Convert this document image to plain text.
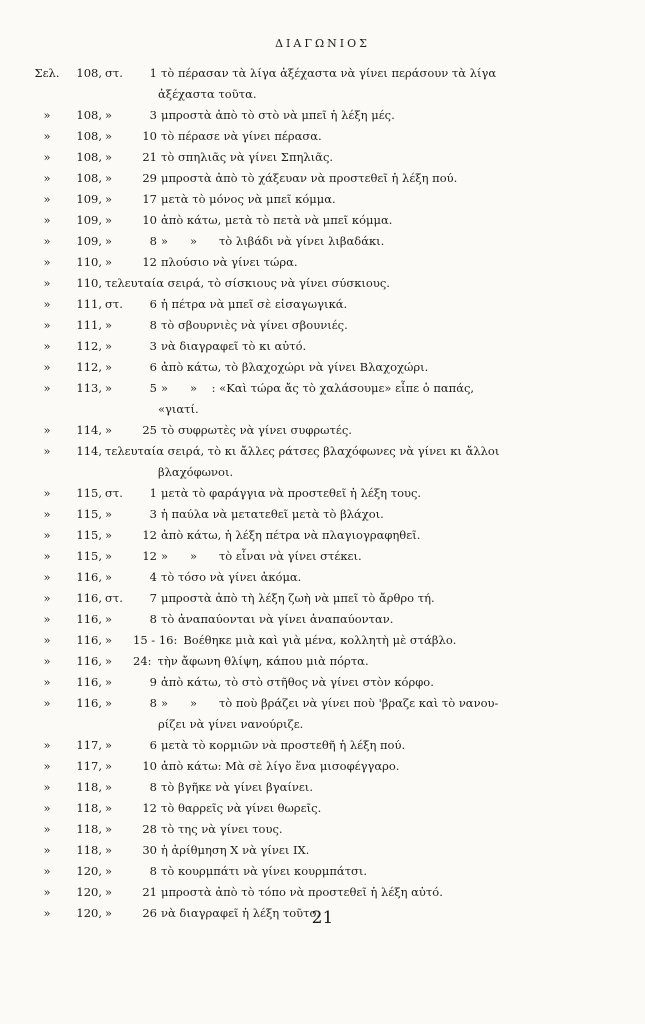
ΔΙΑΓΩΝΙΟΣ
Σελ.	108, στ.	1 τὸ πέρασαν τὰ λίγα ἀξέχαστα νὰ γίνει περάσουν τὰ λίγα
ἀξέχαστα τοῦτα.
»	108, »	3 μπροστὰ ἀπὸ τὸ στὸ νὰ μπεῖ ἡ λέξη μές.
»	108, »	10 τὸ πέρασε νὰ γίνει πέρασα.
»	108, »	21 τὸ σπηλιᾶς νὰ γίνει Σπηλιᾶς.
»	108, »	29 μπροστὰ ἀπὸ τὸ χάξευαν νὰ προστεθεῖ ἡ λέξη πού.
»	109, »	17 μετὰ τὸ μόνος νὰ μπεῖ κόμμα.
»	109, »	10 ἀπὸ κάτω, μετὰ τὸ πετὰ νὰ μπεῖ κόμμα.
»	109, »	8 »      »      τὸ λιβάδι νὰ γίνει λιβαδάκι.
»	110, »	12 πλούσιο νὰ γίνει τώρα.
»	110, τελευταία σειρά, τὸ σίσκιους νὰ γίνει σύσκιους.
»	111, στ.	6 ἡ πέτρα νὰ μπεῖ σὲ εἰσαγωγικά.
»	111, »	8 τὸ σβουρνιὲς νὰ γίνει σβουνιές.
»	112, »	3 νὰ διαγραφεῖ τὸ κι αὐτό.
»	112, »	6 ἀπὸ κάτω, τὸ βλαχοχώρι νὰ γίνει Βλαχοχώρι.
»	113, »	5 »      »    : «Καὶ τώρα ἄς τὸ χαλάσουμε» εἶπε ὁ παπάς,
«γιατί.
»	114, »	25 τὸ συφρωτὲς νὰ γίνει συφρωτές.
»	114, τελευταία σειρά, τὸ κι ἄλλες ράτσες βλαχόφωνες νὰ γίνει κι ἄλλοι
βλαχόφωνοι.
»	115, στ.	1 μετὰ τὸ φαράγγια νὰ προστεθεῖ ἡ λέξη τους.
»	115, »	3 ἡ παύλα νὰ μετατεθεῖ μετὰ τὸ βλάχοι.
»	115, »	12 ἀπὸ κάτω, ἡ λέξη πέτρα νὰ πλαγιογραφηθεῖ.
»	115, »	12 »      »      τὸ εἶναι νὰ γίνει στέκει.
»	116, »	4 τὸ τόσο νὰ γίνει ἀκόμα.
»	116, στ.	7 μπροστὰ ἀπὸ τὴ λέξη ζωὴ νὰ μπεῖ τὸ ἄρθρο τή.
»	116, »	8 τὸ ἀναπαύονται νὰ γίνει ἀναπαύονταν.
»	116, »	15 - 16: Βοέθηκε μιὰ καὶ γιὰ μένα, κολλητὴ μὲ στάβλο.
»	116, »	24: τὴν ἄφωνη θλίψη, κάπου μιὰ πόρτα.
»	116, »	9 ἀπὸ κάτω, τὸ στὸ στῆθος νὰ γίνει στὸν κόρφο.
»	116, »	8 »      »      τὸ ποὺ βράζει νὰ γίνει ποὺ 'βραζε καὶ τὸ νανου-
ρίζει νὰ γίνει νανούριζε.
»	117, »	6 μετὰ τὸ κορμιῶν νὰ προστεθῆ ἡ λέξη πού.
»	117, »	10 ἀπὸ κάτω: Μὰ σὲ λίγο ἕνα μισοφέγγαρο.
»	118, »	8 τὸ βγῆκε νὰ γίνει βγαίνει.
»	118, »	12 τὸ θαρρεῖς νὰ γίνει θωρεῖς.
»	118, »	28 τὸ της νὰ γίνει τους.
»	118, »	30 ἡ ἀρίθμηση Χ νὰ γίνει ΙΧ.
»	120, »	8 τὸ κουρμπάτι νὰ γίνει κουρμπάτσι.
»	120, »	21 μπροστὰ ἀπὸ τὸ τόπο νὰ προστεθεῖ ἡ λέξη αὐτό.
»	120, »	26 νὰ διαγραφεῖ ἡ λέξη τοῦτο.
21
